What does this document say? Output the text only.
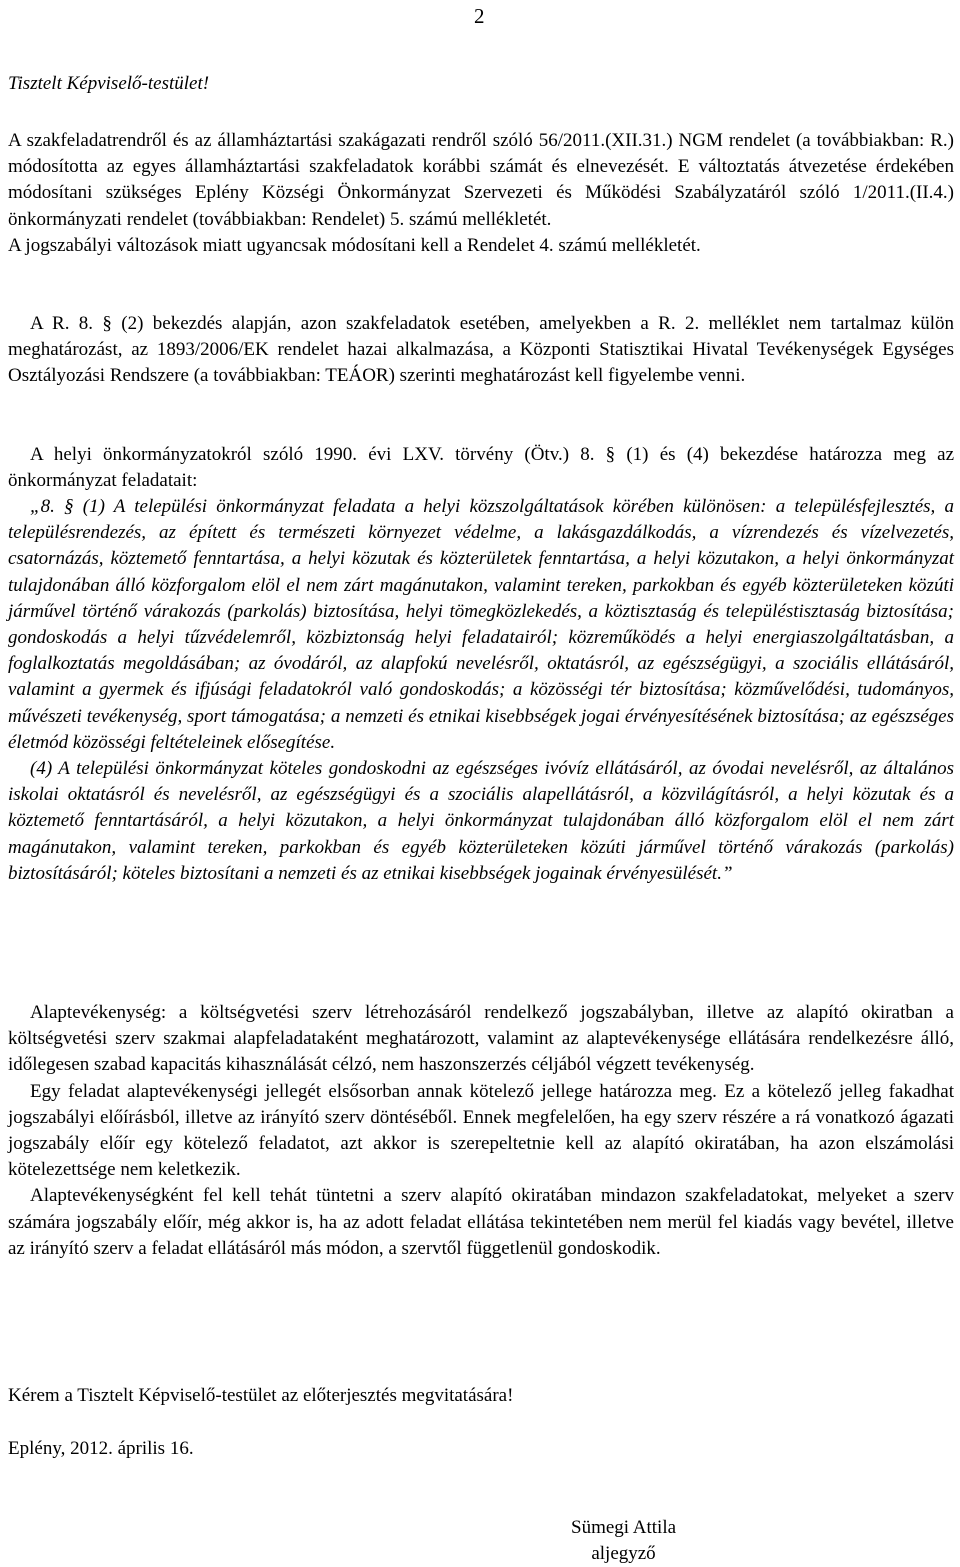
2
Tisztelt Képviselő-testület!

A szakfeladatrendről és az államháztartási szakágazati rendről szóló 56/2011.(XII.31.) NGM rendelet (a továbbiakban: R.) módosította az egyes államháztartási szakfeladatok korábbi számát és elnevezését. E változtatás átvezetése érdekében módosítani szükséges Eplény Községi Önkormányzat Szervezeti és Működési Szabályzatáról szóló 1/2011.(II.4.) önkormányzati rendelet (továbbiakban: Rendelet) 5. számú mellékletét.

A jogszabályi változások miatt ugyancsak módosítani kell a Rendelet 4. számú mellékletét.

A R. 8. § (2) bekezdés alapján, azon szakfeladatok esetében, amelyekben a R. 2. melléklet nem tartalmaz külön meghatározást, az 1893/2006/EK rendelet hazai alkalmazása, a Központi Statisztikai Hivatal Tevékenységek Egységes Osztályozási Rendszere (a továbbiakban: TEÁOR) szerinti meghatározást kell figyelembe venni.
A helyi önkormányzatokról szóló 1990. évi LXV. törvény (Ötv.) 8. § (1) és (4) bekezdése határozza meg az önkormányzat feladatait:

„8. § (1) A települési önkormányzat feladata a helyi közszolgáltatások körében különösen: a településfejlesztés, a településrendezés, az épített és természeti környezet védelme, a lakásgazdálkodás, a vízrendezés és vízelvezetés, csatornázás, köztemető fenntartása, a helyi közutak és közterületek fenntartása, a helyi közutakon, a helyi önkormányzat tulajdonában álló közforgalom elöl el nem zárt magánutakon, valamint tereken, parkokban és egyéb közterületeken közúti járművel történő várakozás (parkolás) biztosítása, helyi tömegközlekedés, a köztisztaság és településtisztaság biztosítása; gondoskodás a helyi tűzvédelemről, közbiztonság helyi feladatairól; közreműködés a helyi energiaszolgáltatásban, a foglalkoztatás megoldásában; az óvodáról, az alapfokú nevelésről, oktatásról, az egészségügyi, a szociális ellátásáról, valamint a gyermek és ifjúsági feladatokról való gondoskodás; a közösségi tér biztosítása; közművelődési, tudományos, művészeti tevékenység, sport támogatása; a nemzeti és etnikai kisebbségek jogai érvényesítésének biztosítása; az egészséges életmód közösségi feltételeinek elősegítése.

(4) A települési önkormányzat köteles gondoskodni az egészséges ivóvíz ellátásáról, az óvodai nevelésről, az általános iskolai oktatásról és nevelésről, az egészségügyi és a szociális alapellátásról, a közvilágításról, a helyi közutak és a köztemető fenntartásáról, a helyi közutakon, a helyi önkormányzat tulajdonában álló közforgalom elöl el nem zárt magánutakon, valamint tereken, parkokban és egyéb közterületeken közúti járművel történő várakozás (parkolás) biztosításáról; köteles biztosítani a nemzeti és az etnikai kisebbségek jogainak érvényesülését.”

Alaptevékenység: a költségvetési szerv létrehozásáról rendelkező jogszabályban, illetve az alapító okiratban a költségvetési szerv szakmai alapfeladataként meghatározott, valamint az alaptevékenysége ellátására rendelkezésre álló, időlegesen szabad kapacitás kihasználását célzó, nem haszonszerzés céljából végzett tevékenység.

Egy feladat alaptevékenységi jellegét elsősorban annak kötelező jellege határozza meg. Ez a kötelező jelleg fakadhat jogszabályi előírásból, illetve az irányító szerv döntéséből. Ennek megfelelően, ha egy szerv részére a rá vonatkozó ágazati jogszabály előír egy kötelező feladatot, azt akkor is szerepeltetnie kell az alapító okiratában, ha azon elszámolási kötelezettsége nem keletkezik.

Alaptevékenységként fel kell tehát tüntetni a szerv alapító okiratában mindazon szakfeladatokat, melyeket a szerv számára jogszabály előír, még akkor is, ha az adott feladat ellátása tekintetében nem merül fel kiadás vagy bevétel, illetve az irányító szerv a feladat ellátásáról más módon, a szervtől függetlenül gondoskodik.

Kérem a Tisztelt Képviselő-testület az előterjesztés megvitatására!
Eplény, 2012. április 16.
Sümegi Attila
aljegyző
